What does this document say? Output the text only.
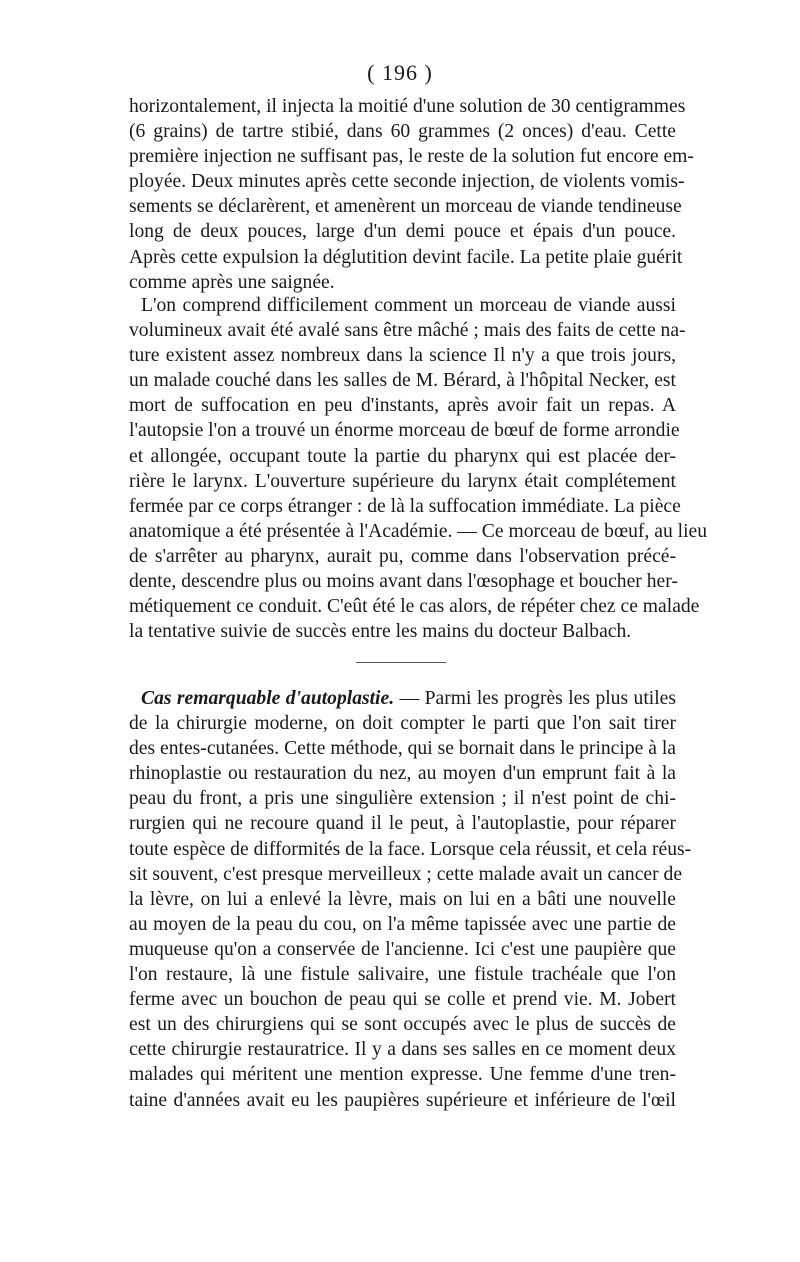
( 196 )
horizontalement, il injecta la moitié d'une solution de 30 centigrammes
(6 grains) de tartre stibié, dans 60 grammes (2 onces) d'eau. Cette
première injection ne suffisant pas, le reste de la solution fut encore em-
ployée. Deux minutes après cette seconde injection, de violents vomis-
sements se déclarèrent, et amenèrent un morceau de viande tendineuse
long de deux pouces, large d'un demi pouce et épais d'un pouce.
Après cette expulsion la déglutition devint facile. La petite plaie guérit
comme après une saignée.
L'on comprend difficilement comment un morceau de viande aussi
volumineux avait été avalé sans être mâché ; mais des faits de cette na-
ture existent assez nombreux dans la science Il n'y a que trois jours,
un malade couché dans les salles de M. Bérard, à l'hôpital Necker, est
mort de suffocation en peu d'instants, après avoir fait un repas. A
l'autopsie l'on a trouvé un énorme morceau de bœuf de forme arrondie
et allongée, occupant toute la partie du pharynx qui est placée der-
rière le larynx. L'ouverture supérieure du larynx était complétement
fermée par ce corps étranger : de là la suffocation immédiate. La pièce
anatomique a été présentée à l'Académie. — Ce morceau de bœuf, au lieu
de s'arrêter au pharynx, aurait pu, comme dans l'observation précé-
dente, descendre plus ou moins avant dans l'œsophage et boucher her-
métiquement ce conduit. C'eût été le cas alors, de répéter chez ce malade
la tentative suivie de succès entre les mains du docteur Balbach.
Cas remarquable d'autoplastie. — Parmi les progrès les plus utiles
de la chirurgie moderne, on doit compter le parti que l'on sait tirer
des entes-cutanées. Cette méthode, qui se bornait dans le principe à la
rhinoplastie ou restauration du nez, au moyen d'un emprunt fait à la
peau du front, a pris une singulière extension ; il n'est point de chi-
rurgien qui ne recoure quand il le peut, à l'autoplastie, pour réparer
toute espèce de difformités de la face. Lorsque cela réussit, et cela réus-
sit souvent, c'est presque merveilleux ; cette malade avait un cancer de
la lèvre, on lui a enlevé la lèvre, mais on lui en a bâti une nouvelle
au moyen de la peau du cou, on l'a même tapissée avec une partie de
muqueuse qu'on a conservée de l'ancienne. Ici c'est une paupière que
l'on restaure, là une fistule salivaire, une fistule trachéale que l'on
ferme avec un bouchon de peau qui se colle et prend vie. M. Jobert
est un des chirurgiens qui se sont occupés avec le plus de succès de
cette chirurgie restauratrice. Il y a dans ses salles en ce moment deux
malades qui méritent une mention expresse. Une femme d'une tren-
taine d'années avait eu les paupières supérieure et inférieure de l'œil
